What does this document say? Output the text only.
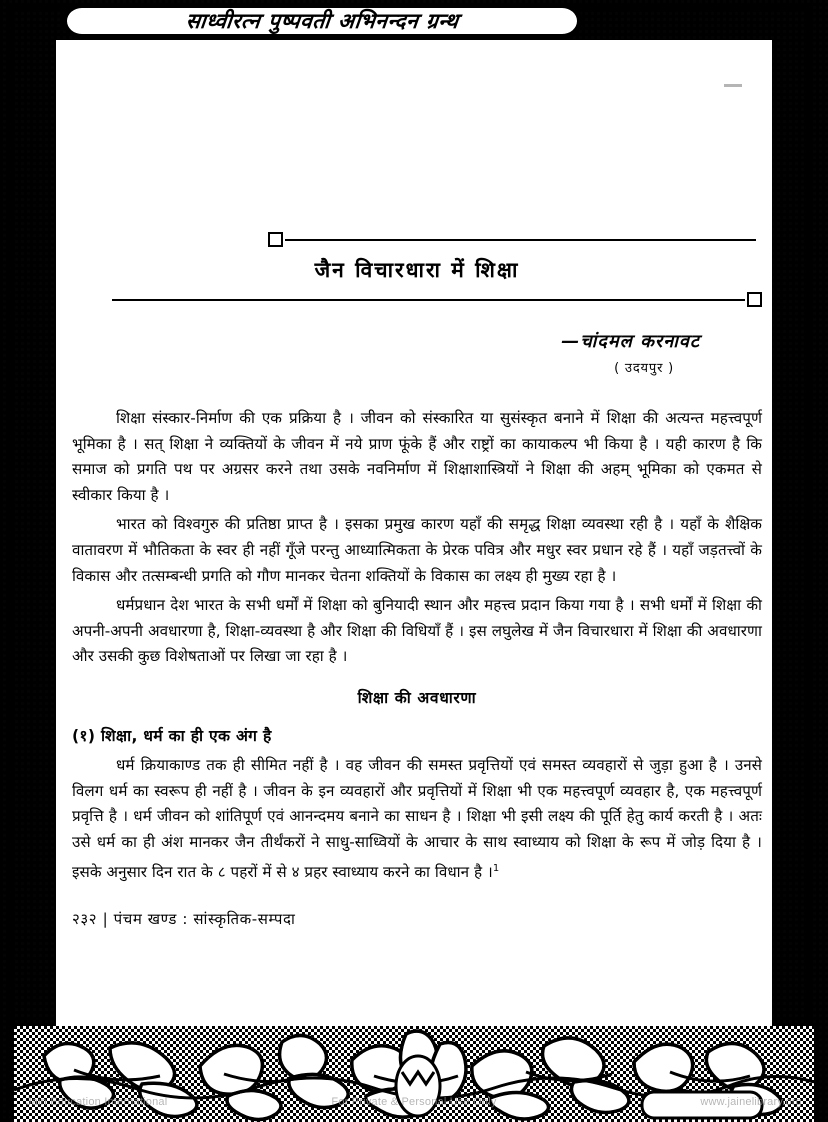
साध्वीरत्न पुष्पवती अभिनन्दन ग्रन्थ
जैन विचारधारा में शिक्षा
—चांदमल करनावट
( उदयपुर )

शिक्षा संस्कार-निर्माण की एक प्रक्रिया है । जीवन को संस्कारित या सुसंस्कृत बनाने में शिक्षा की अत्यन्त महत्त्वपूर्ण भूमिका है । सत् शिक्षा ने व्यक्तियों के जीवन में नये प्राण फूंके हैं और राष्ट्रों का कायाकल्प भी किया है । यही कारण है कि समाज को प्रगति पथ पर अग्रसर करने तथा उसके नवनिर्माण में शिक्षाशास्त्रियों ने शिक्षा की अहम् भूमिका को एकमत से स्वीकार किया है ।

भारत को विश्वगुरु की प्रतिष्ठा प्राप्त है । इसका प्रमुख कारण यहाँ की समृद्ध शिक्षा व्यवस्था रही है । यहाँ के शैक्षिक वातावरण में भौतिकता के स्वर ही नहीं गूँजे परन्तु आध्यात्मिकता के प्रेरक पवित्र और मधुर स्वर प्रधान रहे हैं । यहाँ जड़तत्त्वों के विकास और तत्सम्बन्धी प्रगति को गौण मानकर चेतना शक्तियों के विकास का लक्ष्य ही मुख्य रहा है ।

धर्मप्रधान देश भारत के सभी धर्मों में शिक्षा को बुनियादी स्थान और महत्त्व प्रदान किया गया है । सभी धर्मों में शिक्षा की अपनी-अपनी अवधारणा है, शिक्षा-व्यवस्था है और शिक्षा की विधियाँ हैं । इस लघुलेख में जैन विचारधारा में शिक्षा की अवधारणा और उसकी कुछ विशेषताओं पर लिखा जा रहा है ।

शिक्षा की अवधारणा
(१) शिक्षा, धर्म का ही एक अंग है

धर्म क्रियाकाण्ड तक ही सीमित नहीं है । वह जीवन की समस्त प्रवृत्तियों एवं समस्त व्यवहारों से जुड़ा हुआ है । उनसे विलग धर्म का स्वरूप ही नहीं है । जीवन के इन व्यवहारों और प्रवृत्तियों में शिक्षा भी एक महत्त्वपूर्ण व्यवहार है, एक महत्त्वपूर्ण प्रवृत्ति है । धर्म जीवन को शांतिपूर्ण एवं आनन्दमय बनाने का साधन है । शिक्षा भी इसी लक्ष्य की पूर्ति हेतु कार्य करती है । अतः उसे धर्म का ही अंश मानकर जैन तीर्थंकरों ने साधु-साध्वियों के आचार के साथ स्वाध्याय को शिक्षा के रूप में जोड़ दिया है । इसके अनुसार दिन रात के ८ पहरों में से ४ प्रहर स्वाध्याय करने का विधान है ।$^1$

२३२ | पंचम खण्ड : सांस्कृतिक-सम्पदा
Jain Education International	For Private & Personal Use Only	www.jainelibrary.org
